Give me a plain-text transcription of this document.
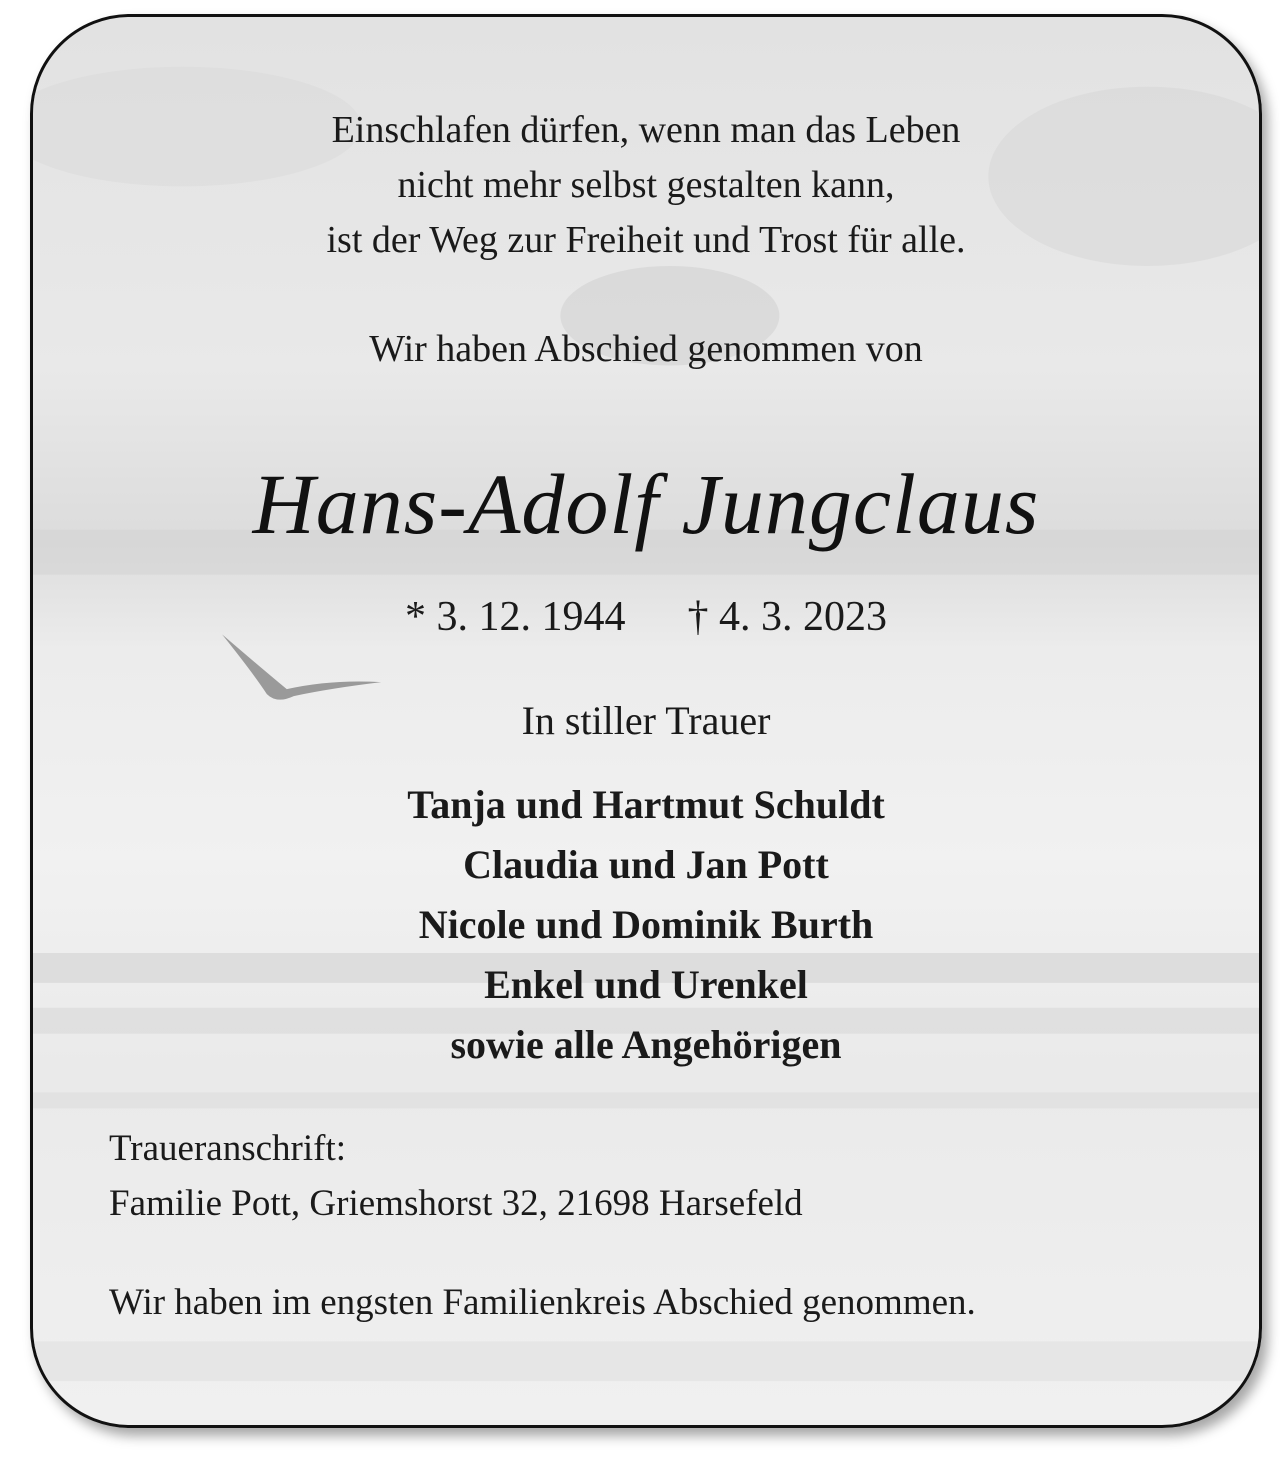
Einschlafen dürfen, wenn man das Leben
nicht mehr selbst gestalten kann,
ist der Weg zur Freiheit und Trost für alle.
Wir haben Abschied genommen von
Hans-Adolf Jungclaus
* 3. 12. 1944 † 4. 3. 2023
In stiller Trauer
Tanja und Hartmut Schuldt
Claudia und Jan Pott
Nicole und Dominik Burth
Enkel und Urenkel
sowie alle Angehörigen
Traueranschrift:
Familie Pott, Griemshorst 32, 21698 Harsefeld
Wir haben im engsten Familienkreis Abschied genommen.
